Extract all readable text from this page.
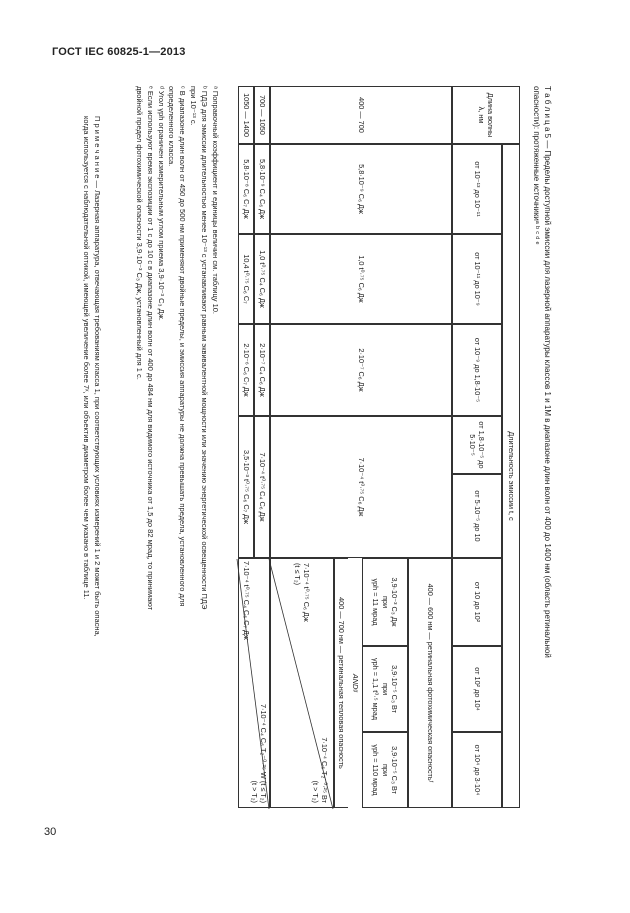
ГОСТ IEC 60825-1—2013
30
Т а б л и ц а 5 — Пределы доступной эмиссии для лазерной аппаратуры классов 1 и 1М в диапазоне длин волн от 400 до 1400 нм (область ретинальной
опасности): протяженные источникиᵃ ᵇ ᶜ ᵈ ᵉ
Длина волны λ, нм
Длительность эмиссии t, с
от 10⁻¹³ до 10⁻¹¹
от 10⁻¹¹ до 10⁻⁹
от 10⁻⁹ до 1,8·10⁻⁵
от 1,8·10⁻⁵ до 5·10⁻⁵
от 5·10⁻⁵ до 10
от 10 до 10²
от 10² до 10⁴
от 10⁴ до 3·10⁴
400 — 700
5,8·10⁻⁹ C₆ Дж
1,0 t⁰·⁷⁵ C₆ Дж
2·10⁻⁷ C₆ Дж
7·10⁻⁴ t⁰·⁷⁵ C₆ Дж
400 — 600 нм — ретинальная фотохимическая опасностьᶠ
3,9·10⁻³ C₃ Дж
при
γph = 11 мрад
3,9·10⁻⁵ C₃ Вт
при
γph = 1,1 t⁰·⁵ мрад
3,9·10⁻⁵ C₃ Вт
при
γph = 110 мрад
ANDᵍ
400 — 700 нм — ретинальная тепловая опасность
7·10⁻⁴ t⁰·⁷⁵ C₆ Дж
(t ≤ T₂)
7·10⁻⁴ C₆ T₂⁻⁰·²⁵ Вт
(t > T₂)
700 — 1050
5,8·10⁻⁹ C₄ C₆ Дж
1,0 t⁰·⁷⁵ C₄ C₆ Дж
2·10⁻⁷ C₄ C₆ Дж
7·10⁻⁴ t⁰·⁷⁵ C₄ C₆ Дж
7·10⁻⁴ C₄ C₆ T₂⁻⁰·²⁵ W (t ≤ T₂)
(t > T₂)
1050 — 1400
5,8·10⁻⁸ C₆ C₇ Дж
10,4 t⁰·⁷⁵ C₆ C₇
2·10⁻⁶ C₆ C₇ Дж
3,5·10⁻³ t⁰·⁷⁵ C₆ C₇ Дж
7·10⁻⁴ t⁰·⁷⁵ C₄ C₆ C₇ Дж
ᵃ Поправочный коэффициент и единицы величин см. таблицу 10.
ᵇ ПДЭ для эмиссии длительностью менее 10⁻¹³ с устанавливают равным эквивалентной мощности или значению энергетической освещенности ПДЭ
при 10⁻¹³ с.
ᶜ В диапазоне длин волн от 450 до 500 нм применяют двойные пределы, и эмиссия аппаратуры не должна превышать предела, установленного для
определенного класса.
ᵈ Угол γph ограничен измерительным углом приема 3,9·10⁻³ C₃ Дж.
ᵉ Если используют время экспозиции от 1 с до 10 с в диапазоне длин волн от 400 до 484 нм для видимого источника от 1,5 до 82 мрад, то принимают
двойной предел фотохимической опасности 3,9·10⁻³ C₃ Дж, установленный для 1 с.
П р и м е ч а н и е — Лазерная аппаратура, отвечающая требованиям класса 1, при соответствующих условиях измерений 1 и 2 может быть опасна,
когда используется с наблюдательной оптикой, имеющей увеличение более 7ˣ, или объектив диаметром более чем указано в таблице 11.
